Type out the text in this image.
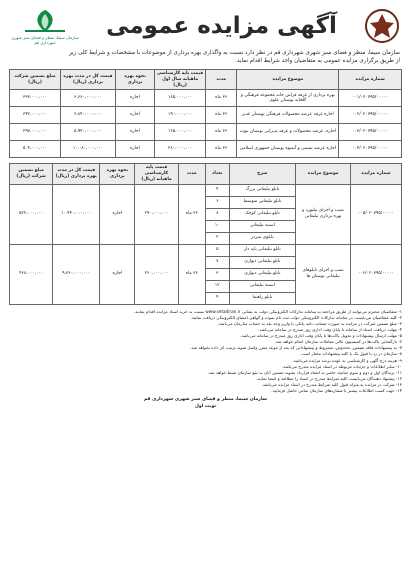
آگهی مزایده عمومی
سازمان سیما، منظر و فضای سبز شهری شهرداری قم

سازمان سیما، منظر و فضای سبز شهری شهرداری قم در نظر دارد نسبت به واگذاری بهره برداری از موضوعات با مشخصات و شرایط کلی زیر

از طریق برگزاری مزایده عمومی به متقاضیان واجد شرایط اقدام نماید.

شماره مزایده	موضوع مزایده	مدت	قیمت پایه کارشناسی ماهیانه سال اول (ریال)	نحوه بهره برداری	قیمت کل در مدت بهره برداری (ریال)	مبلغ تضمین شرکت (ریال)
۰۰۱/۰۲۰۷۹۵/۰۰۰۰۰	بهره برداری از غرفه فراش خانه مجموعه فرهنگی و گلخانه بوستان علوی	۳۶ ماه	۱۸۵،۰۰۰،۰۰۰	اجاره	۶،۶۶۰،۰۰۰،۰۰۰	۳۳۳،۰۰۰،۰۰۰
۰۰۲/۰۲۰۷۹۵/۰۰۰۰۰	اجاره غرفه عرضه محصولات فرهنگی بوستان غدیر	۳۶ ماه	۱۹۰،۰۰۰،۰۰۰	اجاره	۶،۸۴۰،۰۰۰،۰۰۰	۳۴۲،۰۰۰،۰۰۰
۰۰۳/۰۲۰۷۹۵/۰۰۰۰۰	اجاره، عرضه محصولات و غرفه پذیرایی بوستان نبوت	۳۶ ماه	۱۶۵،۰۰۰،۰۰۰	اجاره	۵،۹۴۰،۰۰۰،۰۰۰	۲۹۷،۰۰۰،۰۰۰
۰۰۴/۰۲۰۷۹۵/۰۰۰۰۰	اجاره عرضه بستنی و آبمیوه بوستان جمهوری اسلامی	۳۶ ماه	۲۸۰،۰۰۰،۰۰۰	اجاره	۱۰،۰۸۰،۰۰۰،۰۰۰	۵۰۴،۰۰۰،۰۰۰
شماره مزایده	موضوع مزایده	شرح	تعداد	مدت	قیمت پایه کارشناسی ماهیانه (ریال)	نحوه بهره برداری	قیمت کل در مدت بهره برداری (ریال)	مبلغ تضمین شرکت (ریال)
۰۰۵/۰۲۰۷۹۵/۰۰۰۰۰	نصب و اجرای بیلبورد و بهره برداری تبلیغاتی	تابلو تبلیغاتی بزرگ	۴	۳۶ ماه	۲۹۰،۰۰۰،۰۰۰	اجاره	۱۰،۴۴۰،۰۰۰،۰۰۰	۵۲۲،۰۰۰،۰۰۰
		تابلو تبلیغاتی متوسط	۶					
		تابلو تبلیغاتی کوچک	۸					
		استند تبلیغاتی	۱۰					
		تابلوی سردر	۲					
۰۰۶/۰۲۰۷۹۵/۰۰۰۰۰	نصب و اجرای تابلوهای تبلیغاتی بوستان ها	تابلو تبلیغاتی پایه دار	۵	۳۶ ماه	۲۶۰،۰۰۰،۰۰۰	اجاره	۹،۳۶۰،۰۰۰،۰۰۰	۴۶۸،۰۰۰،۰۰۰
		تابلو تبلیغاتی دیواری	۷					
		تابلو تبلیغاتی دیواری	۳					
		استند تبلیغاتی	۱۲					
		تابلو راهنما	۴					
۱- متقاضیان محترم می‌توانند از طریق مراجعه به سامانه تدارکات الکترونیکی دولت به نشانی www.setadiran.ir نسبت به خرید اسناد مزایده اقدام نمایند.
۲- کلیه متقاضیان می‌بایست در سامانه تدارکات الکترونیکی دولت ثبت نام نموده و گواهی امضای الکترونیکی دریافت نمایند.
۳- مبلغ تضمین شرکت در مزایده به صورت ضمانت نامه بانکی یا واریز وجه نقد به حساب سازمان می‌باشد.
۴- مهلت دریافت اسناد از سامانه تا پایان وقت اداری روز مندرج در سامانه می‌باشد.
۵- مهلت ارسال پیشنهادات و تحویل پاکت‌ها تا پایان وقت اداری روز مندرج در سامانه می‌باشد.
۶- بازگشایی پاکت‌ها در کمیسیون عالی معاملات سازمان انجام خواهد شد.
۷- به پیشنهادات فاقد تضمین، مخدوش، مشروط و پیشنهاداتی که بعد از موعد مقرر واصل شوند ترتیب اثر داده نخواهد شد.
۸- سازمان در رد یا قبول یک یا کلیه پیشنهادات مختار است.
۹- هزینه درج آگهی و کارشناسی به عهده برنده مزایده می‌باشد.
۱۰- سایر اطلاعات و جزئیات مربوطه در اسناد مزایده مندرج می‌باشد.
۱۱- برندگان اول و دوم و سوم چنانچه حاضر به انعقاد قرارداد نشوند تضمین آنان به نفع سازمان ضبط خواهد شد.
۱۲- پیشنهاد دهندگان می‌بایست کلیه شرایط مندرج در اسناد را مطالعه و امضا نمایند.
۱۳- شرکت در مزایده به منزله قبول کلیه شرایط مندرج در اسناد مزایده می‌باشد.
۱۴- جهت کسب اطلاعات بیشتر با شماره‌های سازمان تماس حاصل فرمایید.
سازمان سیما، منظر و فضای سبز شهری شهرداری قم
نوبت اول
